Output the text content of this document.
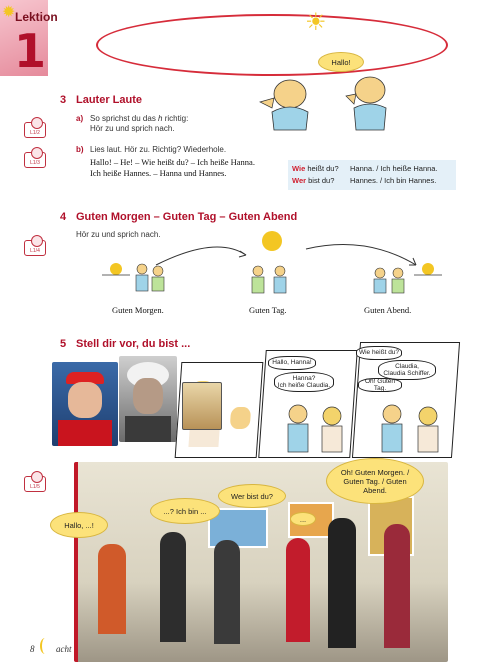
✹ Lektion
1
☀
Hallo!
3 Lauter Laute
L1/2
a) So sprichst du das h richtig:
Hör zu und sprich nach.
L1/3
b) Lies laut. Hör zu. Richtig? Wiederhole.
Hallo! – He! – Wie heißt du? – Ich heiße Hanna.
Ich heiße Hannes. – Hanna und Hannes.	Wie heißt du? Hanna. / Ich heiße Hanna.
Wer bist du? Hannes. / Ich bin Hannes.
4 Guten Morgen – Guten Tag – Guten Abend
L1/4
Hör zu und sprich nach.
Guten Morgen.	Guten Tag.	Guten Abend.
5 Stell dir vor, du bist ...
Hallo, Hanna!
Hanna?
Ich heiße Claudia.
Wie heißt du?
Claudia,
Claudia Schiffer.
Oh! Guten Tag.
L1/5
Hallo, ...!
...? Ich bin ...
Wer bist du?
...
Oh! Guten Morgen. / Guten Tag. / Guten Abend.
8 acht
